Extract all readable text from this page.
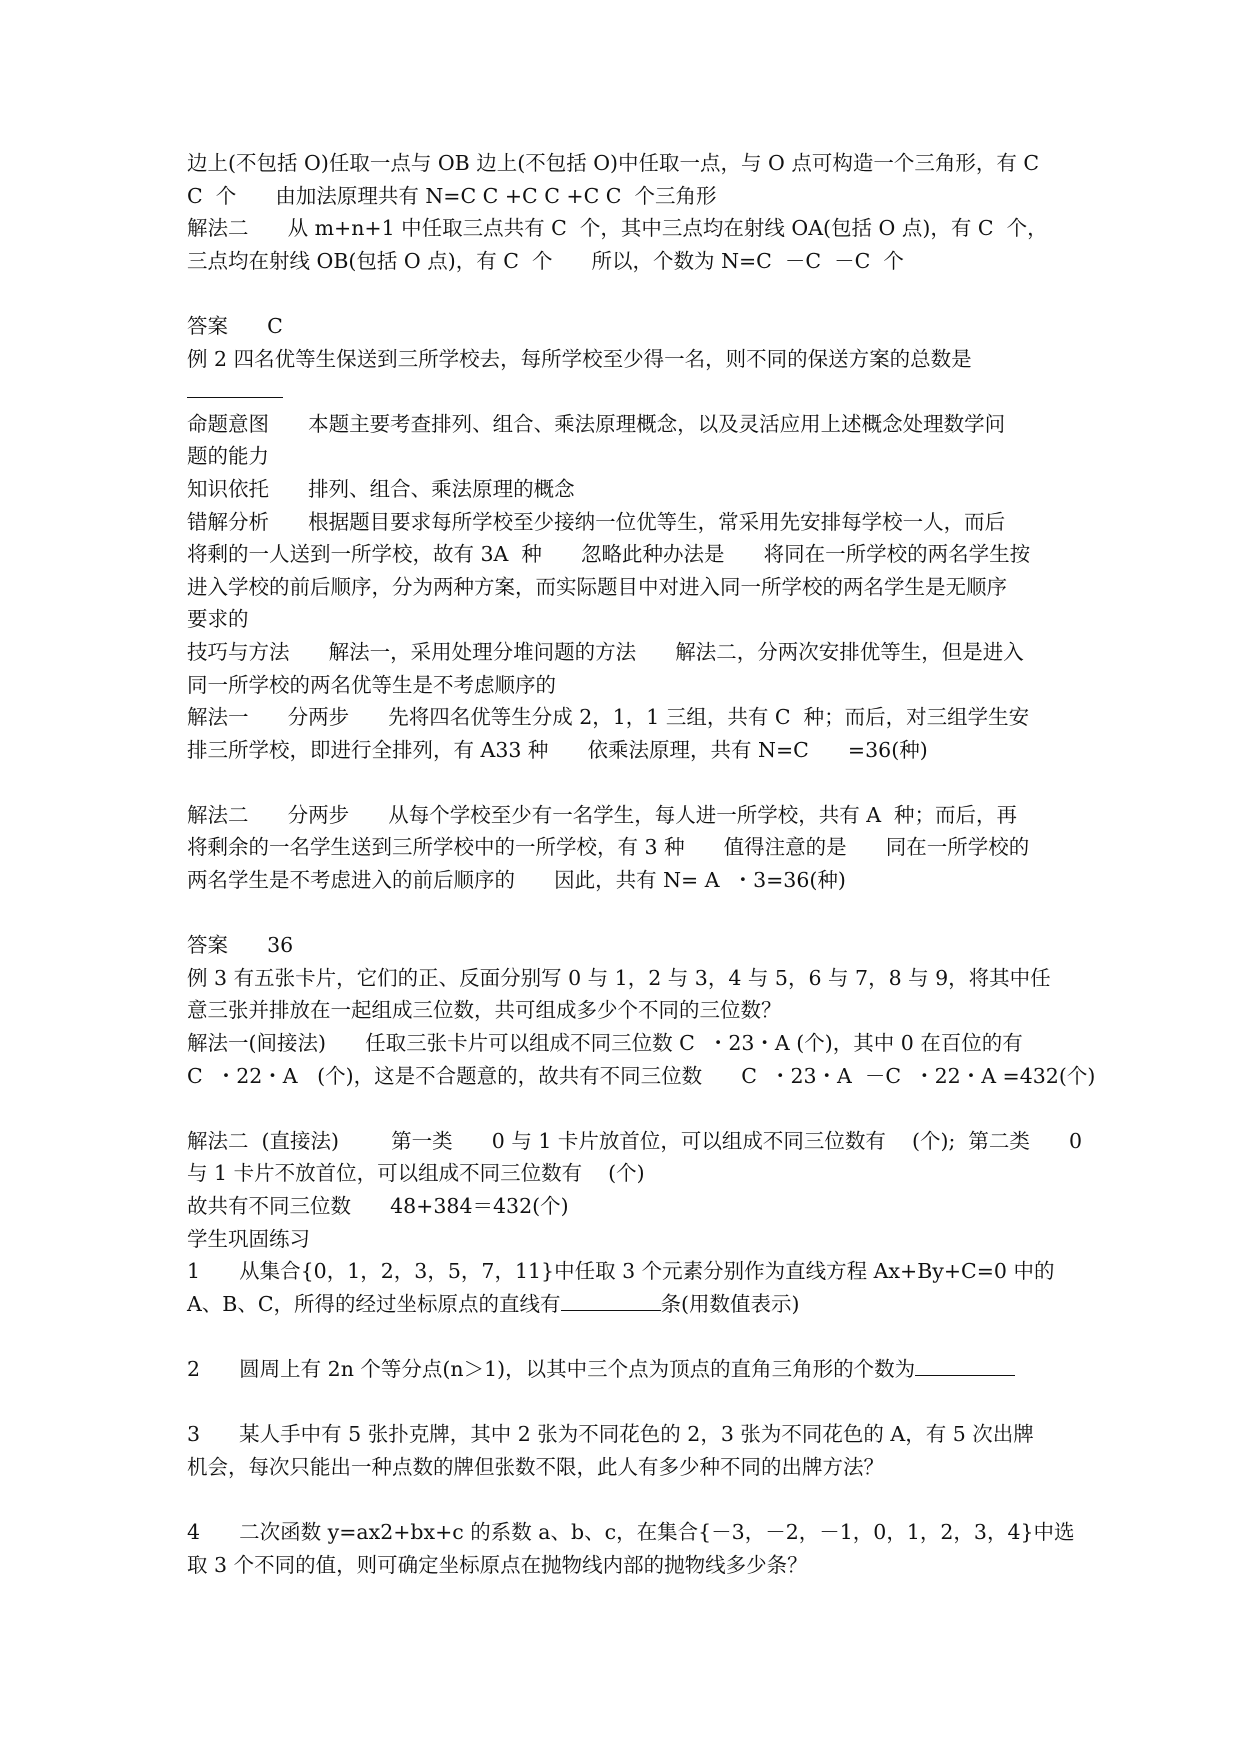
边上(不包括 O)任取一点与 OB 边上(不包括 O)中任取一点，与 O 点可构造一个三角形，有 C
C  个      由加法原理共有 N=C C +C C +C C  个三角形
解法二      从 m+n+1 中任取三点共有 C  个，其中三点均在射线 OA(包括 O 点)，有 C  个，
三点均在射线 OB(包括 O 点)，有 C  个      所以，个数为 N=C  －C  －C  个
答案      C
例 2 四名优等生保送到三所学校去，每所学校至少得一名，则不同的保送方案的总数是
命题意图      本题主要考查排列、组合、乘法原理概念，以及灵活应用上述概念处理数学问
题的能力
知识依托      排列、组合、乘法原理的概念
错解分析      根据题目要求每所学校至少接纳一位优等生，常采用先安排每学校一人，而后
将剩的一人送到一所学校，故有 3A  种      忽略此种办法是      将同在一所学校的两名学生按
进入学校的前后顺序，分为两种方案，而实际题目中对进入同一所学校的两名学生是无顺序
要求的
技巧与方法      解法一，采用处理分堆问题的方法      解法二，分两次安排优等生，但是进入
同一所学校的两名优等生是不考虑顺序的
解法一      分两步      先将四名优等生分成 2，1，1 三组，共有 C  种；而后，对三组学生安
排三所学校，即进行全排列，有 A33 种      依乘法原理，共有 N=C      =36(种)
解法二      分两步      从每个学校至少有一名学生，每人进一所学校，共有 A  种；而后，再
将剩余的一名学生送到三所学校中的一所学校，有 3 种      值得注意的是      同在一所学校的
两名学生是不考虑进入的前后顺序的      因此，共有 N= A  ・3=36(种)
答案      36
例 3 有五张卡片，它们的正、反面分别写 0 与 1，2 与 3，4 与 5，6 与 7，8 与 9，将其中任
意三张并排放在一起组成三位数，共可组成多少个不同的三位数？
解法一(间接法)      任取三张卡片可以组成不同三位数 C  ・23・A (个)，其中 0 在百位的有
C  ・22・A   (个)，这是不合题意的，故共有不同三位数      C  ・23・A  －C  ・22・A =432(个)
解法二  (直接法)        第一类      0 与 1 卡片放首位，可以组成不同三位数有    (个);  第二类      0
与 1 卡片不放首位，可以组成不同三位数有    (个)
故共有不同三位数      48+384＝432(个)
学生巩固练习
1      从集合{0，1，2，3，5，7，11}中任取 3 个元素分别作为直线方程 Ax+By+C=0 中的
A、B、C，所得的经过坐标原点的直线有	条(用数值表示)
2      圆周上有 2n 个等分点(n＞1)，以其中三个点为顶点的直角三角形的个数为
3      某人手中有 5 张扑克牌，其中 2 张为不同花色的 2，3 张为不同花色的 A，有 5 次出牌
机会，每次只能出一种点数的牌但张数不限，此人有多少种不同的出牌方法？
4      二次函数 y=ax2+bx+c 的系数 a、b、c，在集合{－3，－2，－1，0，1，2，3，4}中选
取 3 个不同的值，则可确定坐标原点在抛物线内部的抛物线多少条？
